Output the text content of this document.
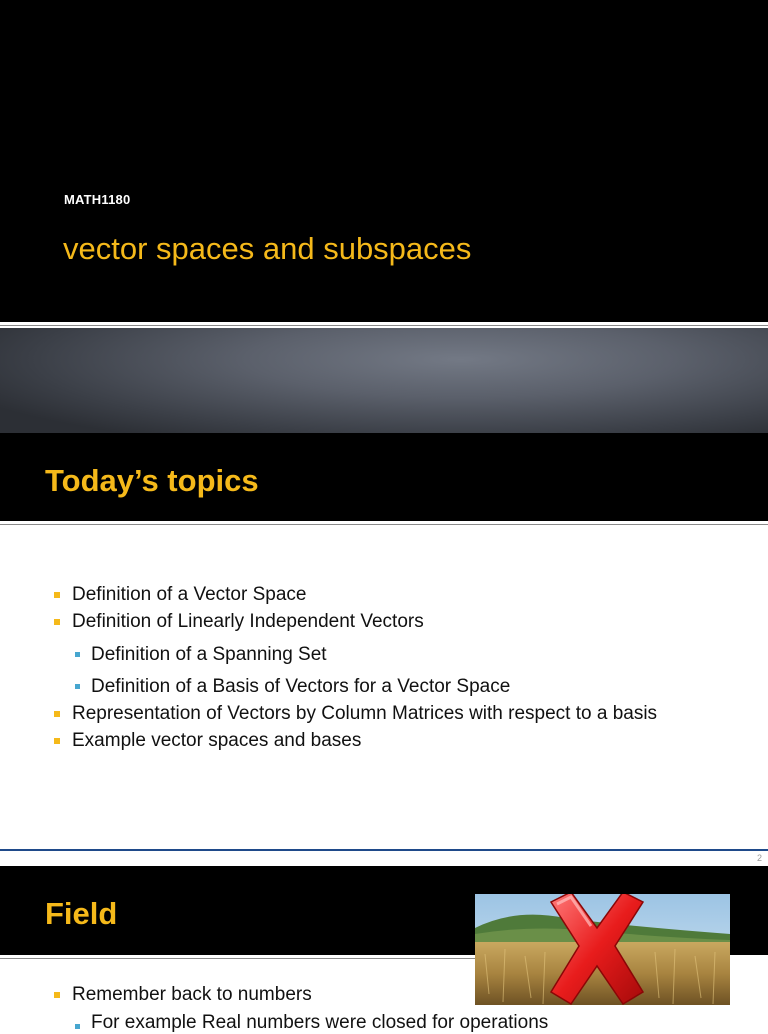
MATH1180
vector spaces and subspaces
Today’s topics
Definition of a Vector Space
Definition of Linearly Independent Vectors
Definition of a Spanning Set
Definition of a Basis of Vectors for a Vector Space
Representation of Vectors by Column Matrices with respect to a basis
Example vector spaces and bases
2
Field
Remember back to numbers
For example Real numbers were closed for operations
